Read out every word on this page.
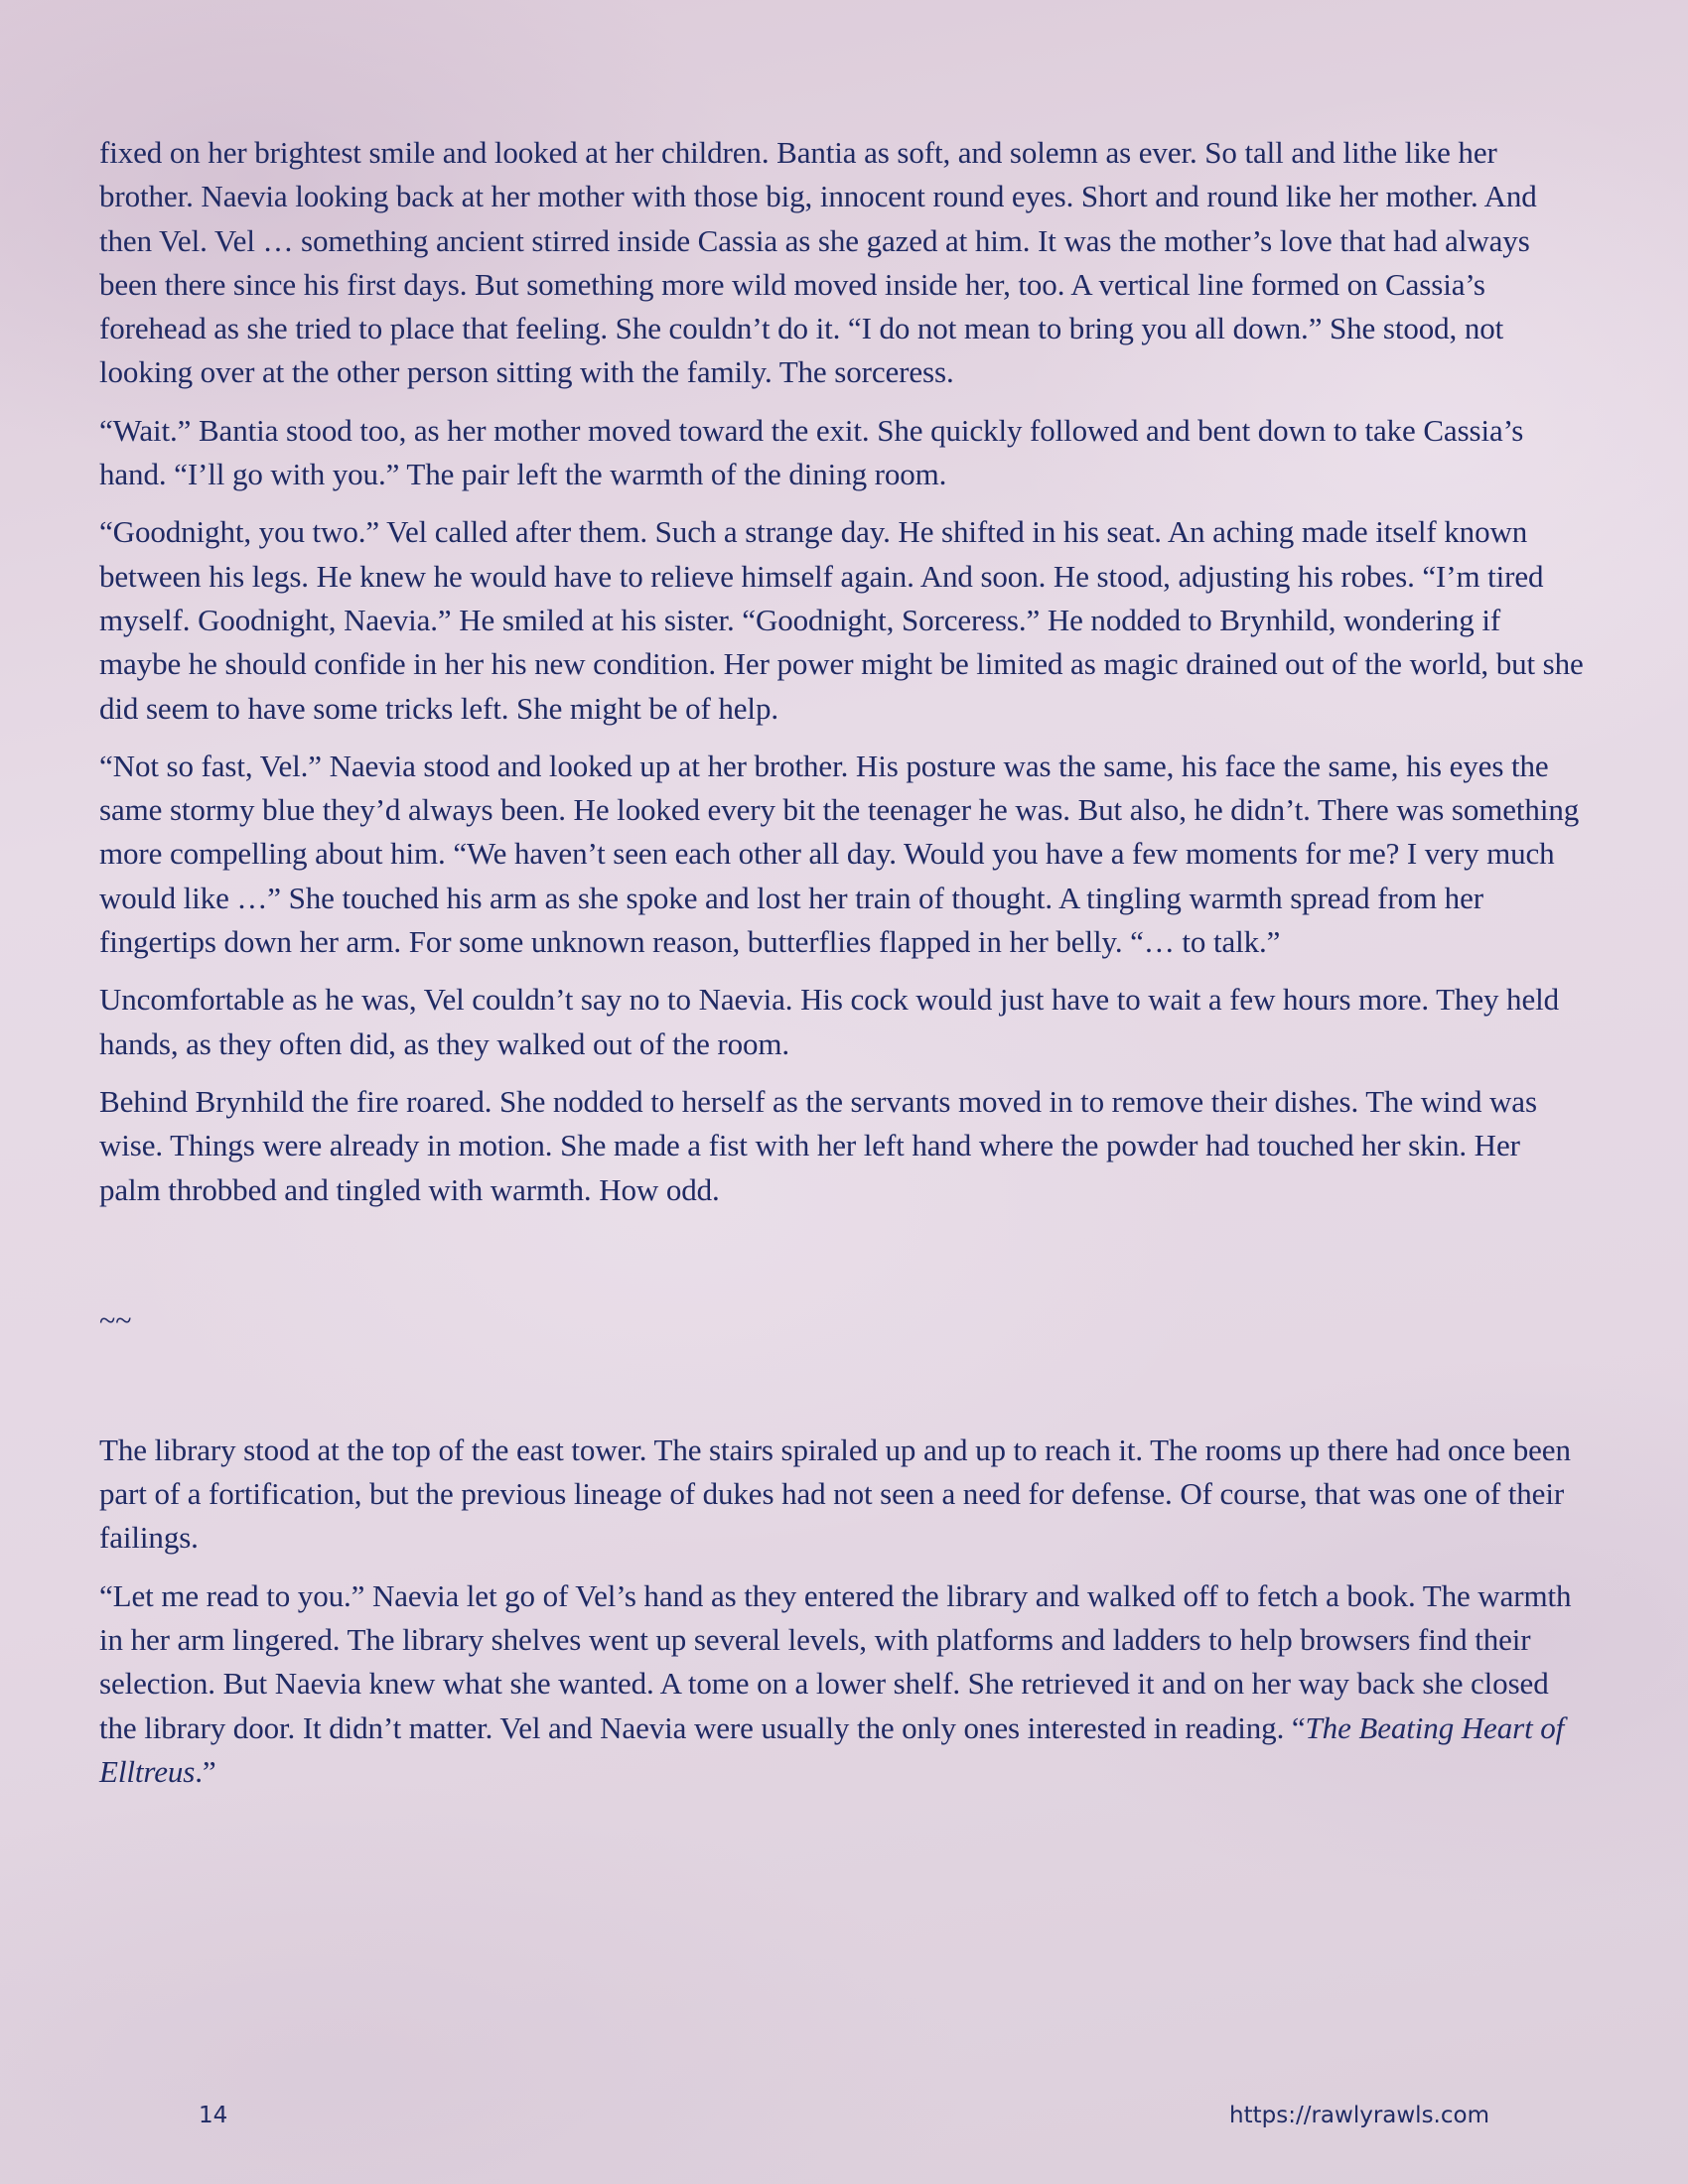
fixed on her brightest smile and looked at her children. Bantia as soft, and solemn as ever. So tall and lithe like her brother. Naevia looking back at her mother with those big, innocent round eyes. Short and round like her mother. And then Vel. Vel … something ancient stirred inside Cassia as she gazed at him. It was the mother’s love that had always been there since his first days. But something more wild moved inside her, too. A vertical line formed on Cassia’s forehead as she tried to place that feeling. She couldn’t do it. “I do not mean to bring you all down.” She stood, not looking over at the other person sitting with the family. The sorceress.

“Wait.” Bantia stood too, as her mother moved toward the exit. She quickly followed and bent down to take Cassia’s hand. “I’ll go with you.” The pair left the warmth of the dining room.

“Goodnight, you two.” Vel called after them. Such a strange day. He shifted in his seat. An aching made itself known between his legs. He knew he would have to relieve himself again. And soon. He stood, adjusting his robes. “I’m tired myself. Goodnight, Naevia.” He smiled at his sister. “Goodnight, Sorceress.” He nodded to Brynhild, wondering if maybe he should confide in her his new condition. Her power might be limited as magic drained out of the world, but she did seem to have some tricks left. She might be of help.

“Not so fast, Vel.” Naevia stood and looked up at her brother. His posture was the same, his face the same, his eyes the same stormy blue they’d always been. He looked every bit the teenager he was. But also, he didn’t. There was something more compelling about him. “We haven’t seen each other all day. Would you have a few moments for me? I very much would like …” She touched his arm as she spoke and lost her train of thought. A tingling warmth spread from her fingertips down her arm. For some unknown reason, butterflies flapped in her belly. “… to talk.”

Uncomfortable as he was, Vel couldn’t say no to Naevia. His cock would just have to wait a few hours more. They held hands, as they often did, as they walked out of the room.

Behind Brynhild the fire roared. She nodded to herself as the servants moved in to remove their dishes. The wind was wise. Things were already in motion. She made a fist with her left hand where the powder had touched her skin. Her palm throbbed and tingled with warmth. How odd.

~~

The library stood at the top of the east tower. The stairs spiraled up and up to reach it. The rooms up there had once been part of a fortification, but the previous lineage of dukes had not seen a need for defense. Of course, that was one of their failings.

“Let me read to you.” Naevia let go of Vel’s hand as they entered the library and walked off to fetch a book. The warmth in her arm lingered. The library shelves went up several levels, with platforms and ladders to help browsers find their selection. But Naevia knew what she wanted. A tome on a lower shelf. She retrieved it and on her way back she closed the library door. It didn’t matter. Vel and Naevia were usually the only ones interested in reading. “The Beating Heart of Elltreus.”

14	https://rawlyrawls.com
